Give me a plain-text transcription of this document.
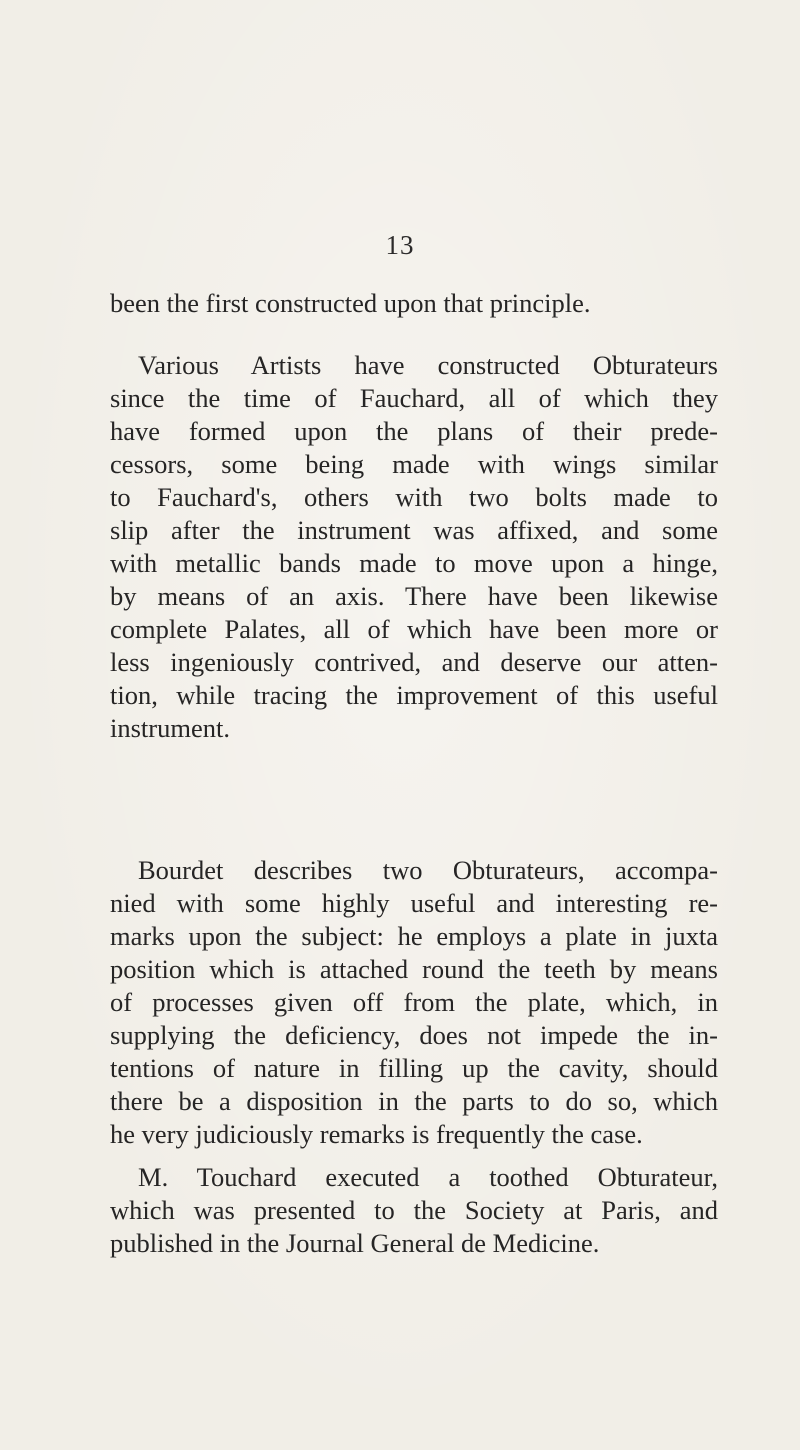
13
been the first constructed upon that principle.
Various Artists have constructed Obturateurs
since the time of Fauchard, all of which they
have formed upon the plans of their prede-
cessors, some being made with wings similar
to Fauchard's, others with two bolts made to
slip after the instrument was affixed, and some
with metallic bands made to move upon a hinge,
by means of an axis. There have been likewise
complete Palates, all of which have been more or
less ingeniously contrived, and deserve our atten-
tion, while tracing the improvement of this useful
instrument.
Bourdet describes two Obturateurs, accompa-
nied with some highly useful and interesting re-
marks upon the subject: he employs a plate in juxta
position which is attached round the teeth by means
of processes given off from the plate, which, in
supplying the deficiency, does not impede the in-
tentions of nature in filling up the cavity, should
there be a disposition in the parts to do so, which
he very judiciously remarks is frequently the case.
M. Touchard executed a toothed Obturateur,
which was presented to the Society at Paris, and
published in the Journal General de Medicine.
